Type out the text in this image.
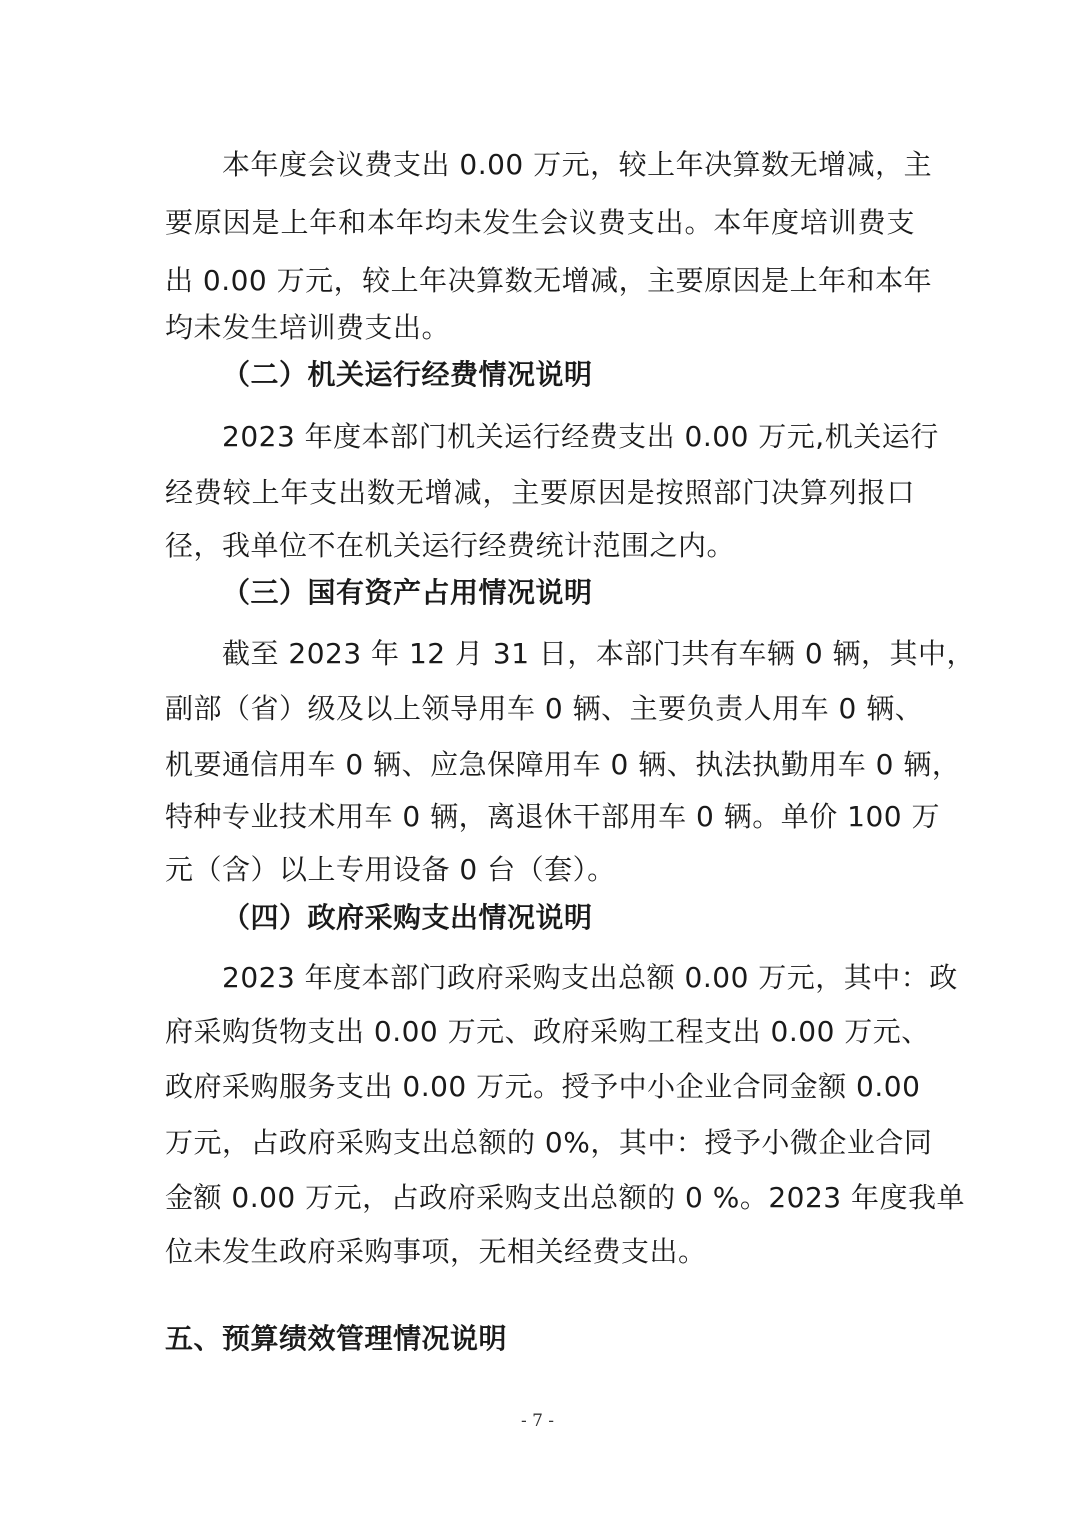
本年度会议费支出 0.00 万元，较上年决算数无增减，主
要原因是上年和本年均未发生会议费支出。本年度培训费支
出 0.00 万元，较上年决算数无增减，主要原因是上年和本年
均未发生培训费支出。
（二）机关运行经费情况说明
2023 年度本部门机关运行经费支出 0.00 万元,机关运行
经费较上年支出数无增减，主要原因是按照部门决算列报口
径，我单位不在机关运行经费统计范围之内。
（三）国有资产占用情况说明
截至 2023 年 12 月 31 日，本部门共有车辆 0 辆，其中，
副部（省）级及以上领导用车 0 辆、主要负责人用车 0 辆、
机要通信用车 0 辆、应急保障用车 0 辆、执法执勤用车 0 辆，
特种专业技术用车 0 辆，离退休干部用车 0 辆。单价 100 万
元（含）以上专用设备 0 台（套）。
（四）政府采购支出情况说明
2023 年度本部门政府采购支出总额 0.00 万元，其中：政
府采购货物支出 0.00 万元、政府采购工程支出 0.00 万元、
政府采购服务支出 0.00 万元。授予中小企业合同金额 0.00
万元，占政府采购支出总额的 0%，其中：授予小微企业合同
金额 0.00 万元，占政府采购支出总额的 0 %。2023 年度我单
位未发生政府采购事项，无相关经费支出。
五、预算绩效管理情况说明
- 7 -
